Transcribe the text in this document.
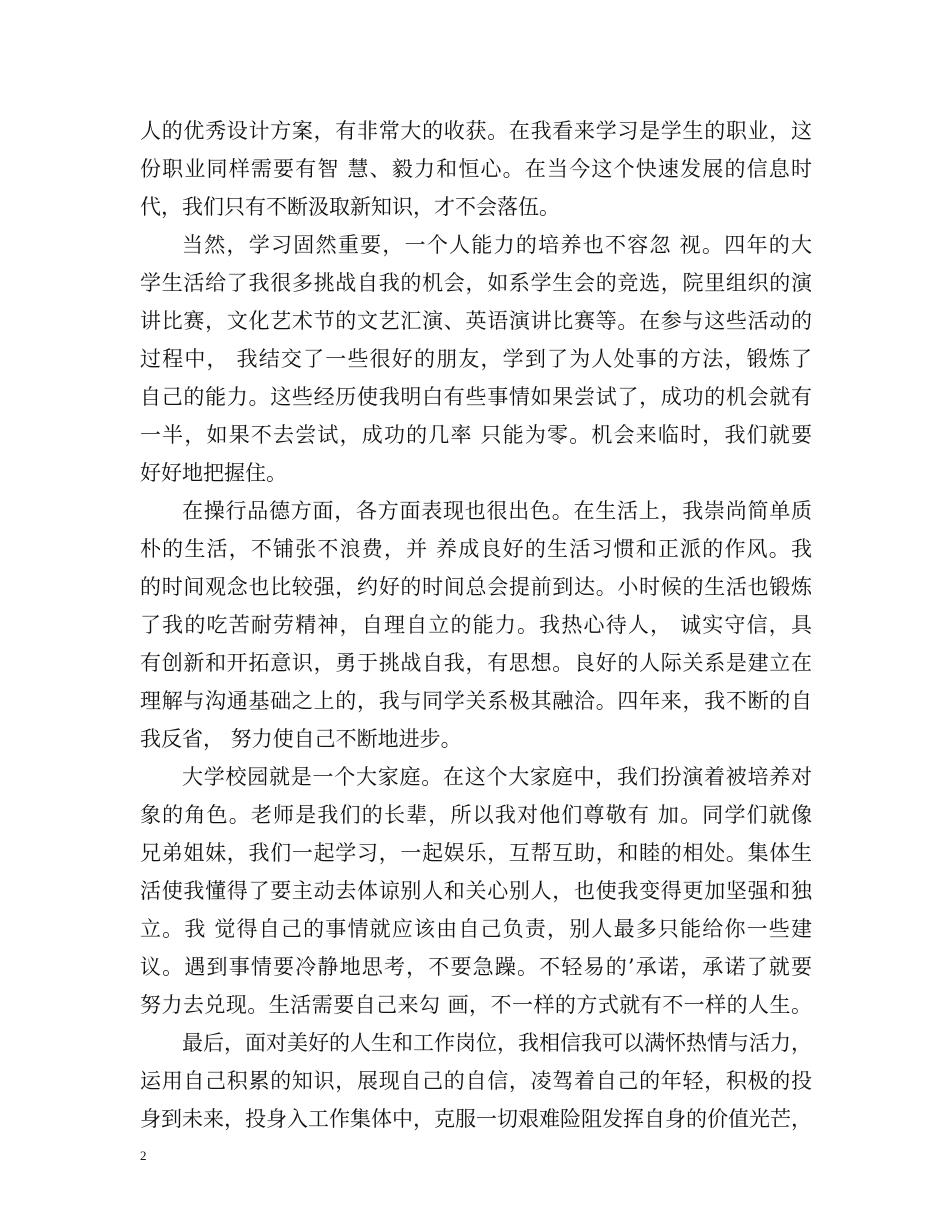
人的优秀设计方案，有非常大的收获。在我看来学习是学生的职业，这
份职业同样需要有智 慧、毅力和恒心。在当今这个快速发展的信息时
代，我们只有不断汲取新知识，才不会落伍。
当然，学习固然重要，一个人能力的培养也不容忽 视。四年的大
学生活给了我很多挑战自我的机会，如系学生会的竞选，院里组织的演
讲比赛，文化艺术节的文艺汇演、英语演讲比赛等。在参与这些活动的
过程中， 我结交了一些很好的朋友，学到了为人处事的方法，锻炼了
自己的能力。这些经历使我明白有些事情如果尝试了，成功的机会就有
一半，如果不去尝试，成功的几率 只能为零。机会来临时，我们就要
好好地把握住。
在操行品德方面，各方面表现也很出色。在生活上，我崇尚简单质
朴的生活，不铺张不浪费，并 养成良好的生活习惯和正派的作风。我
的时间观念也比较强，约好的时间总会提前到达。小时候的生活也锻炼
了我的吃苦耐劳精神，自理自立的能力。我热心待人， 诚实守信，具
有创新和开拓意识，勇于挑战自我，有思想。良好的人际关系是建立在
理解与沟通基础之上的，我与同学关系极其融洽。四年来，我不断的自
我反省， 努力使自己不断地进步。
大学校园就是一个大家庭。在这个大家庭中，我们扮演着被培养对
象的角色。老师是我们的长辈，所以我对他们尊敬有 加。同学们就像
兄弟姐妹，我们一起学习，一起娱乐，互帮互助，和睦的相处。集体生
活使我懂得了要主动去体谅别人和关心别人，也使我变得更加坚强和独
立。我 觉得自己的事情就应该由自己负责，别人最多只能给你一些建
议。遇到事情要冷静地思考，不要急躁。不轻易的’承诺，承诺了就要
努力去兑现。生活需要自己来勾 画，不一样的方式就有不一样的人生。
最后，面对美好的人生和工作岗位，我相信我可以满怀热情与活力，
运用自己积累的知识，展现自己的自信，凌驾着自己的年轻，积极的投
身到未来，投身入工作集体中，克服一切艰难险阻发挥自身的价值光芒，
2
